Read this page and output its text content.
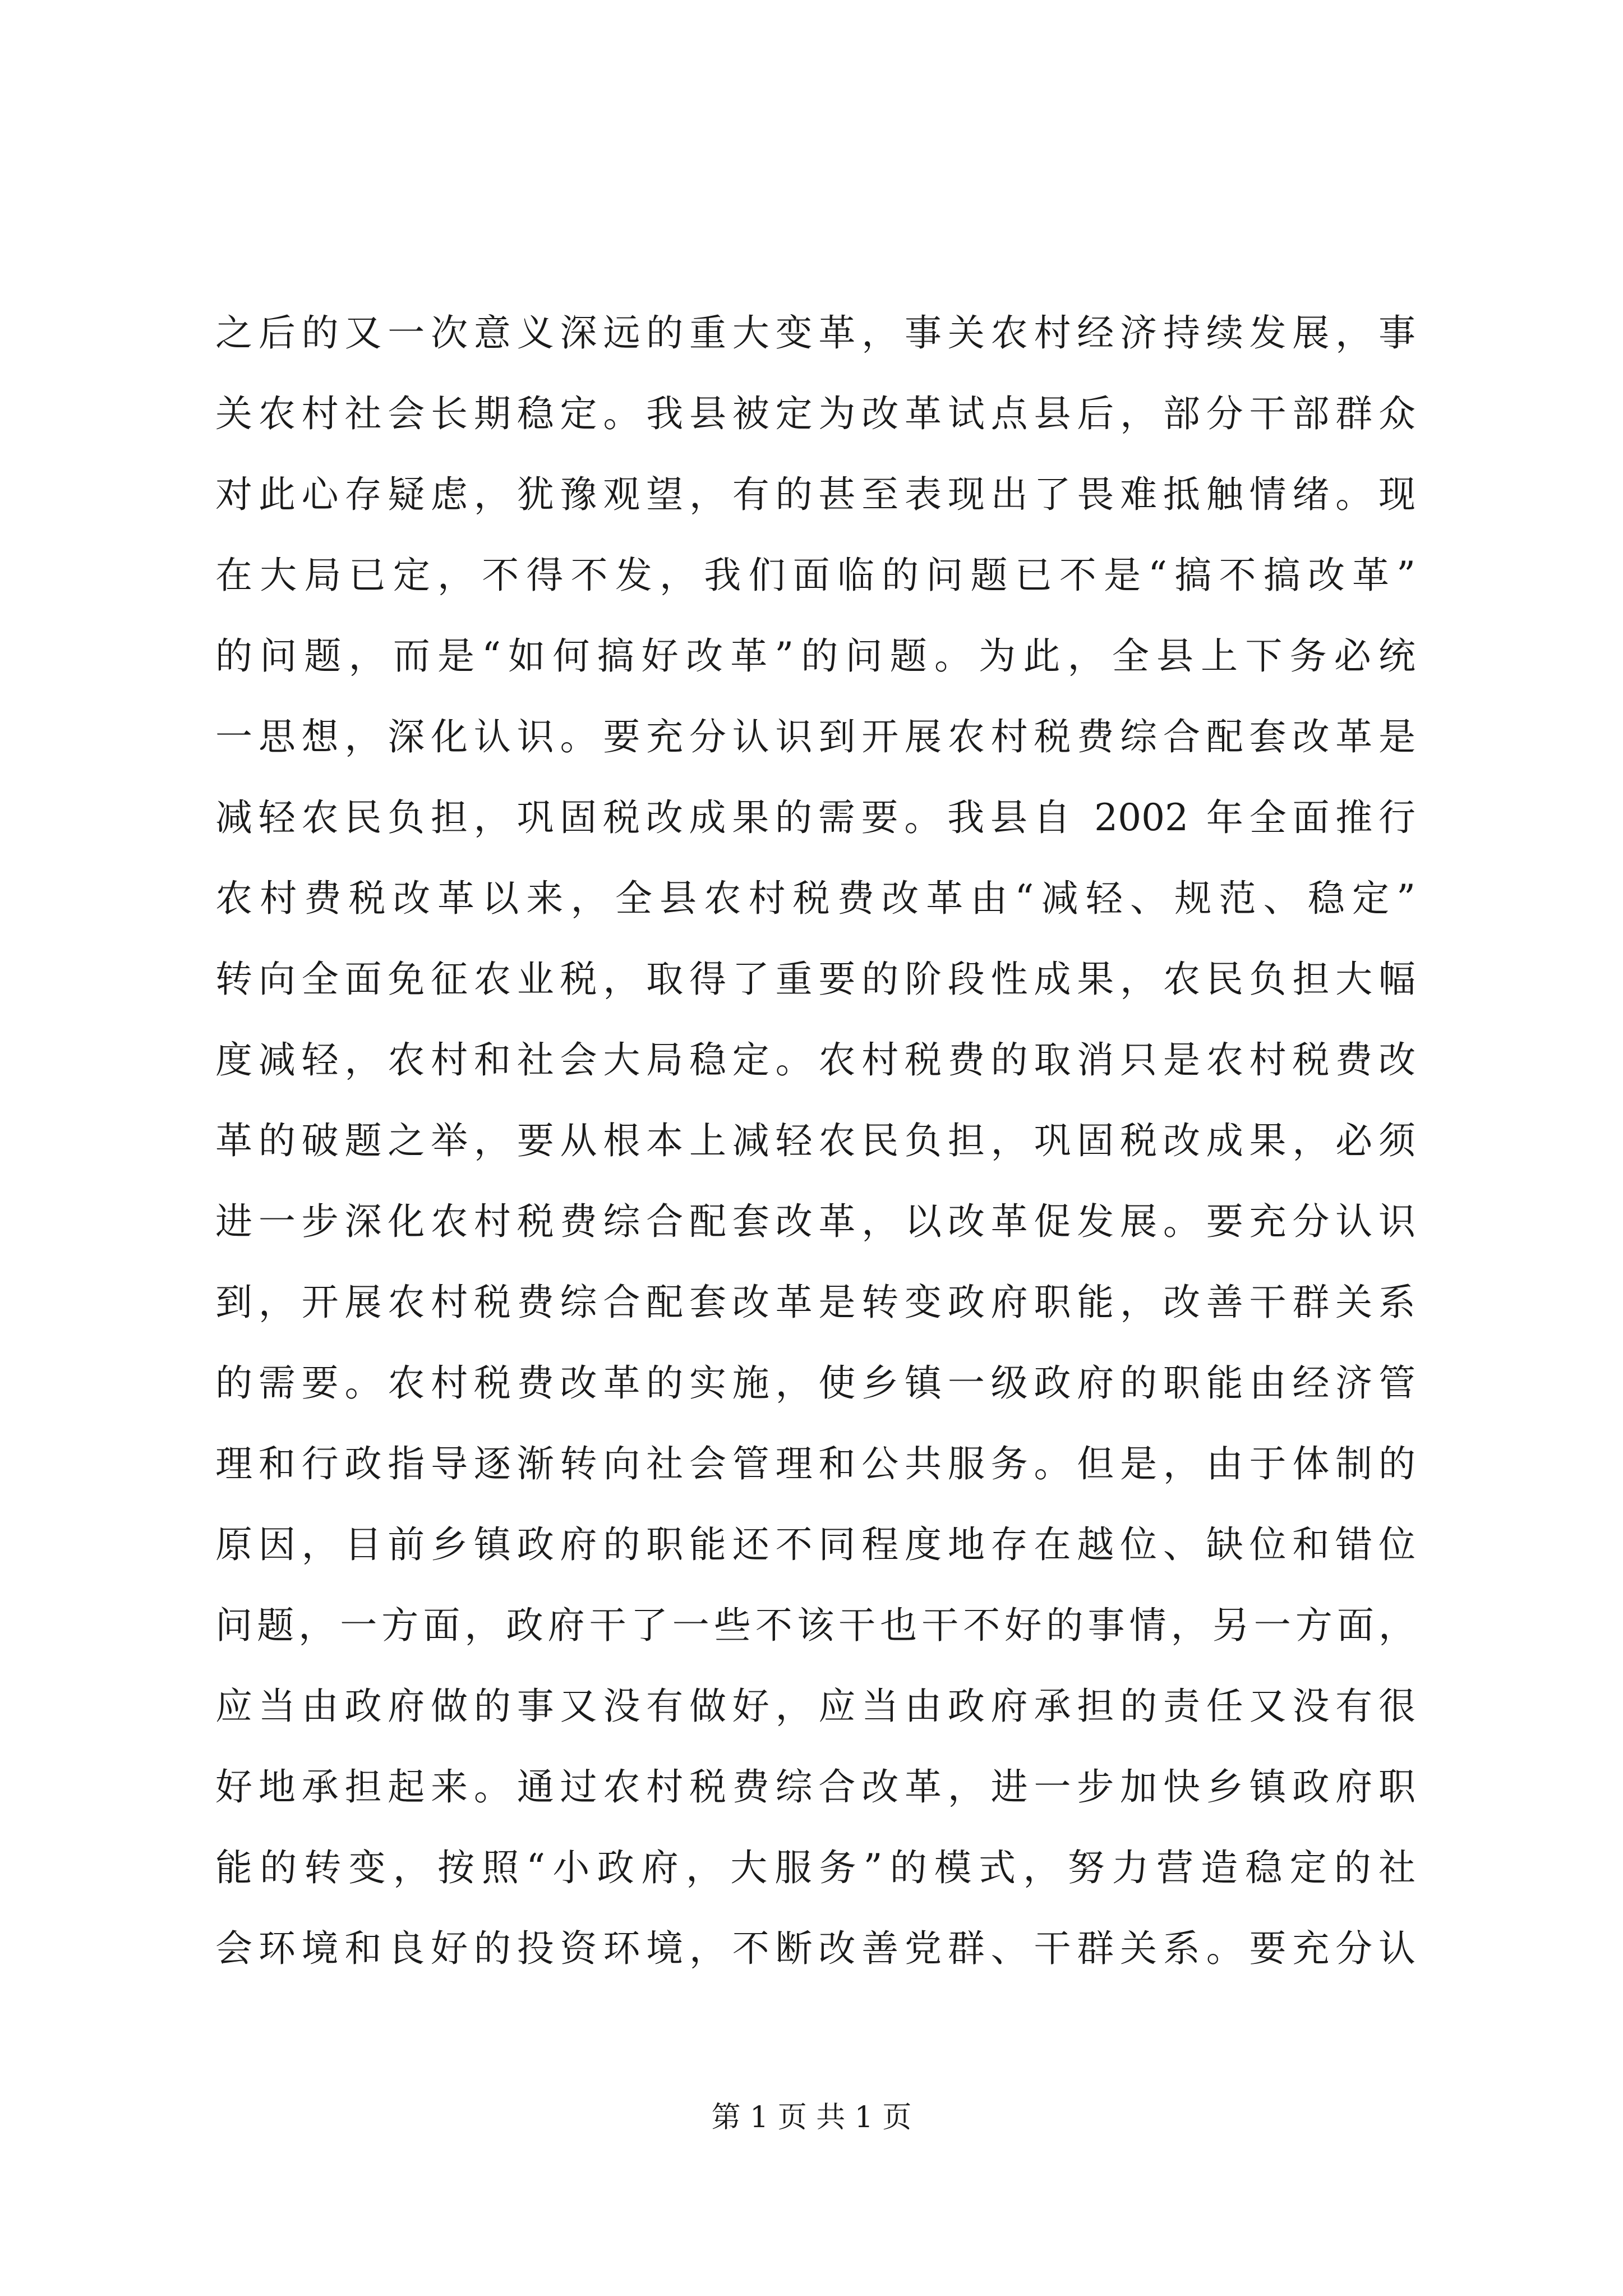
之后的又一次意义深远的重大变革，事关农村经济持续发展，事
关农村社会长期稳定。我县被定为改革试点县后，部分干部群众
对此心存疑虑，犹豫观望，有的甚至表现出了畏难抵触情绪。现
在大局已定，不得不发，我们面临的问题已不是“搞不搞改革”
的问题，而是“如何搞好改革”的问题。为此，全县上下务必统
一思想，深化认识。要充分认识到开展农村税费综合配套改革是
减轻农民负担，巩固税改成果的需要。我县自 2002 年全面推行
农村费税改革以来，全县农村税费改革由“减轻、规范、稳定”
转向全面免征农业税，取得了重要的阶段性成果，农民负担大幅
度减轻，农村和社会大局稳定。农村税费的取消只是农村税费改
革的破题之举，要从根本上减轻农民负担，巩固税改成果，必须
进一步深化农村税费综合配套改革，以改革促发展。要充分认识
到，开展农村税费综合配套改革是转变政府职能，改善干群关系
的需要。农村税费改革的实施，使乡镇一级政府的职能由经济管
理和行政指导逐渐转向社会管理和公共服务。但是，由于体制的
原因，目前乡镇政府的职能还不同程度地存在越位、缺位和错位
问题，一方面，政府干了一些不该干也干不好的事情，另一方面，
应当由政府做的事又没有做好，应当由政府承担的责任又没有很
好地承担起来。通过农村税费综合改革，进一步加快乡镇政府职
能的转变，按照“小政府，大服务”的模式，努力营造稳定的社
会环境和良好的投资环境，不断改善党群、干群关系。要充分认
第 1 页 共 1 页
